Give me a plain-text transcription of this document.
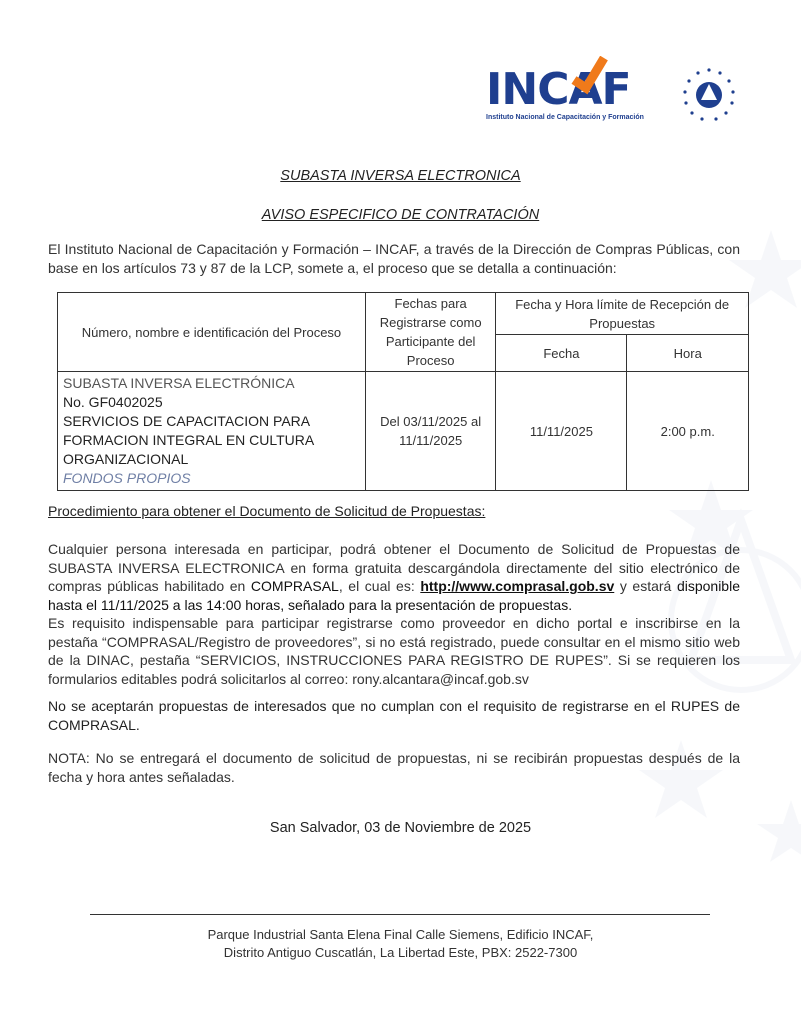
INCAF
Instituto Nacional de Capacitación y Formación
SUBASTA INVERSA ELECTRONICA
AVISO ESPECIFICO DE CONTRATACIÓN
El Instituto Nacional de Capacitación y Formación – INCAF, a través de la Dirección de Compras Públicas, con base en los artículos 73 y 87 de la LCP, somete a, el proceso que se detalla a continuación:
Número, nombre e identificación del Proceso	Fechas para Registrarse como Participante del Proceso	Fecha y Hora límite de Recepción de Propuestas	
		Fecha	Hora

SUBASTA INVERSA ELECTRÓNICA
No. GF0402025
SERVICIOS DE CAPACITACION PARA FORMACION INTEGRAL EN CULTURA ORGANIZACIONAL
FONDOS PROPIOS	Del 03/11/2025 al 11/11/2025	11/11/2025	2:00 p.m.
Procedimiento para obtener el Documento de Solicitud de Propuestas:
Cualquier persona interesada en participar, podrá obtener el Documento de Solicitud de Propuestas de SUBASTA INVERSA ELECTRONICA en forma gratuita descargándola directamente del sitio electrónico de compras públicas habilitado en COMPRASAL, el cual es: http://www.comprasal.gob.sv y estará disponible hasta el 11/11/2025 a las 14:00 horas, señalado para la presentación de propuestas.
Es requisito indispensable para participar registrarse como proveedor en dicho portal e inscribirse en la pestaña “COMPRASAL/Registro de proveedores”, si no está registrado, puede consultar en el mismo sitio web de la DINAC, pestaña “SERVICIOS, INSTRUCCIONES PARA REGISTRO DE RUPES”. Si se requieren los formularios editables podrá solicitarlos al correo: rony.alcantara@incaf.gob.sv
No se aceptarán propuestas de interesados que no cumplan con el requisito de registrarse en el RUPES de COMPRASAL.
NOTA: No se entregará el documento de solicitud de propuestas, ni se recibirán propuestas después de la fecha y hora antes señaladas.
San Salvador, 03 de Noviembre de 2025
Parque Industrial Santa Elena Final Calle Siemens, Edificio INCAF,
Distrito Antiguo Cuscatlán, La Libertad Este, PBX: 2522-7300
